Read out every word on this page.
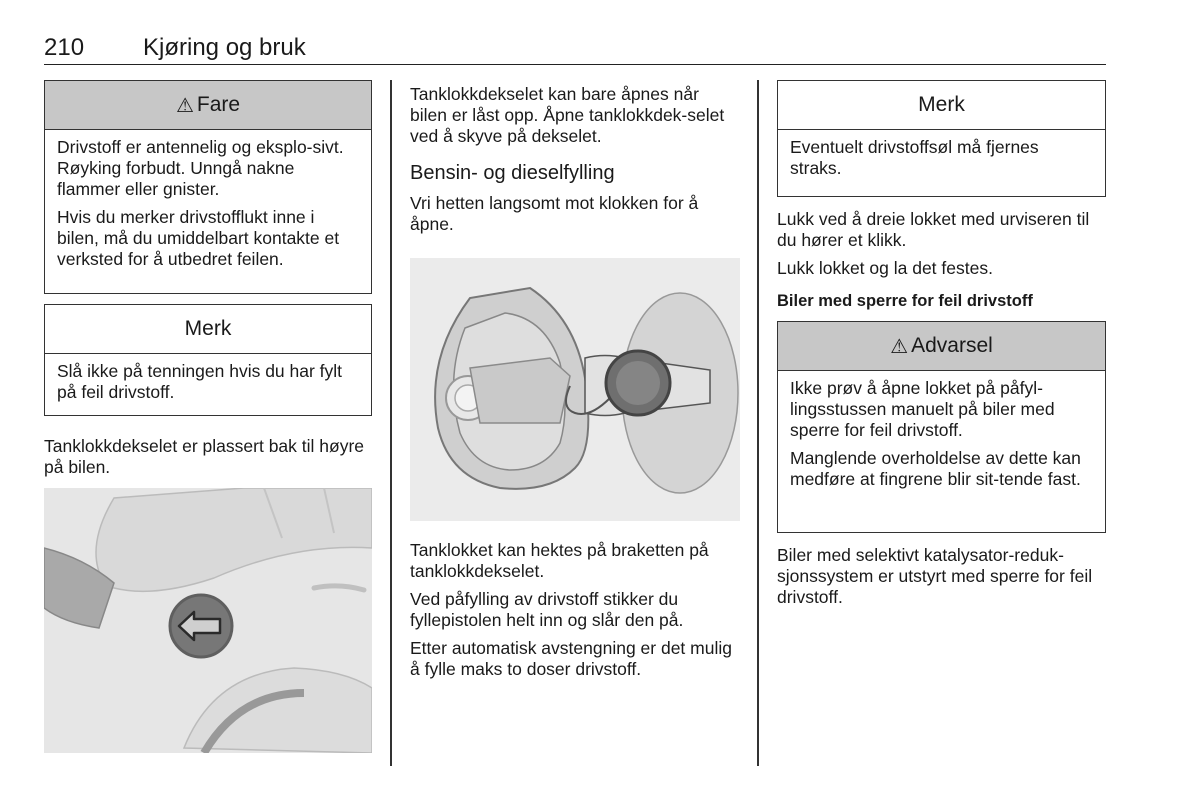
210 Kjøring og bruk
⚠ Fare

Drivstoff er antennelig og eksplo-sivt. Røyking forbudt. Unngå nakne flammer eller gnister.

Hvis du merker drivstofflukt inne i bilen, må du umiddelbart kontakte et verksted for å utbedret feilen.

Merk

Slå ikke på tenningen hvis du har fylt på feil drivstoff.

Tanklokkdekselet er plassert bak til høyre på bilen.

Tanklokkdekselet kan bare åpnes når bilen er låst opp. Åpne tanklokkdek-selet ved å skyve på dekselet.

Bensin- og dieselfylling

Vri hetten langsomt mot klokken for å åpne.

Tanklokket kan hektes på braketten på tanklokkdekselet.

Ved påfylling av drivstoff stikker du fyllepistolen helt inn og slår den på.

Etter automatisk avstengning er det mulig å fylle maks to doser drivstoff.

Merk

Eventuelt drivstoffsøl må fjernes straks.

Lukk ved å dreie lokket med urviseren til du hører et klikk.

Lukk lokket og la det festes.

Biler med sperre for feil drivstoff
⚠ Advarsel

Ikke prøv å åpne lokket på påfyl-lingsstussen manuelt på biler med sperre for feil drivstoff.

Manglende overholdelse av dette kan medføre at fingrene blir sit-tende fast.

Biler med selektivt katalysator-reduk-sjonssystem er utstyrt med sperre for feil drivstoff.
